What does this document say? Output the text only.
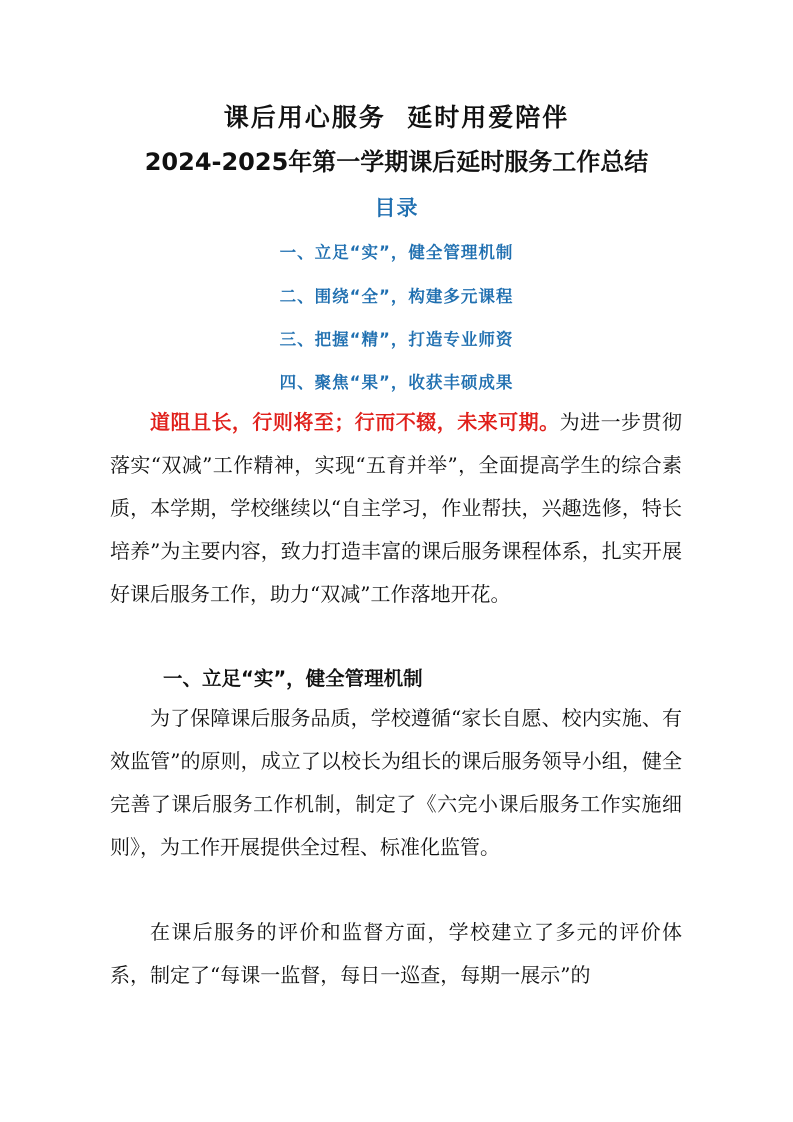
课后用心服务  延时用爱陪伴
2024-2025年第一学期课后延时服务工作总结
目录
一、立足“实”，健全管理机制
二、围绕“全”，构建多元课程
三、把握“精”，打造专业师资
四、聚焦“果”，收获丰硕成果

道阻且长，行则将至；行而不辍，未来可期。为进一步贯彻落实“双减”工作精神，实现“五育并举”，全面提高学生的综合素质，本学期，学校继续以“自主学习，作业帮扶，兴趣选修，特长培养”为主要内容，致力打造丰富的课后服务课程体系，扎实开展好课后服务工作，助力“双减”工作落地开花。

一、立足“实”，健全管理机制

为了保障课后服务品质，学校遵循“家长自愿、校内实施、有效监管”的原则，成立了以校长为组长的课后服务领导小组，健全完善了课后服务工作机制，制定了《六完小课后服务工作实施细则》，为工作开展提供全过程、标准化监管。

在课后服务的评价和监督方面，学校建立了多元的评价体系，制定了“每课一监督，每日一巡查，每期一展示”的
